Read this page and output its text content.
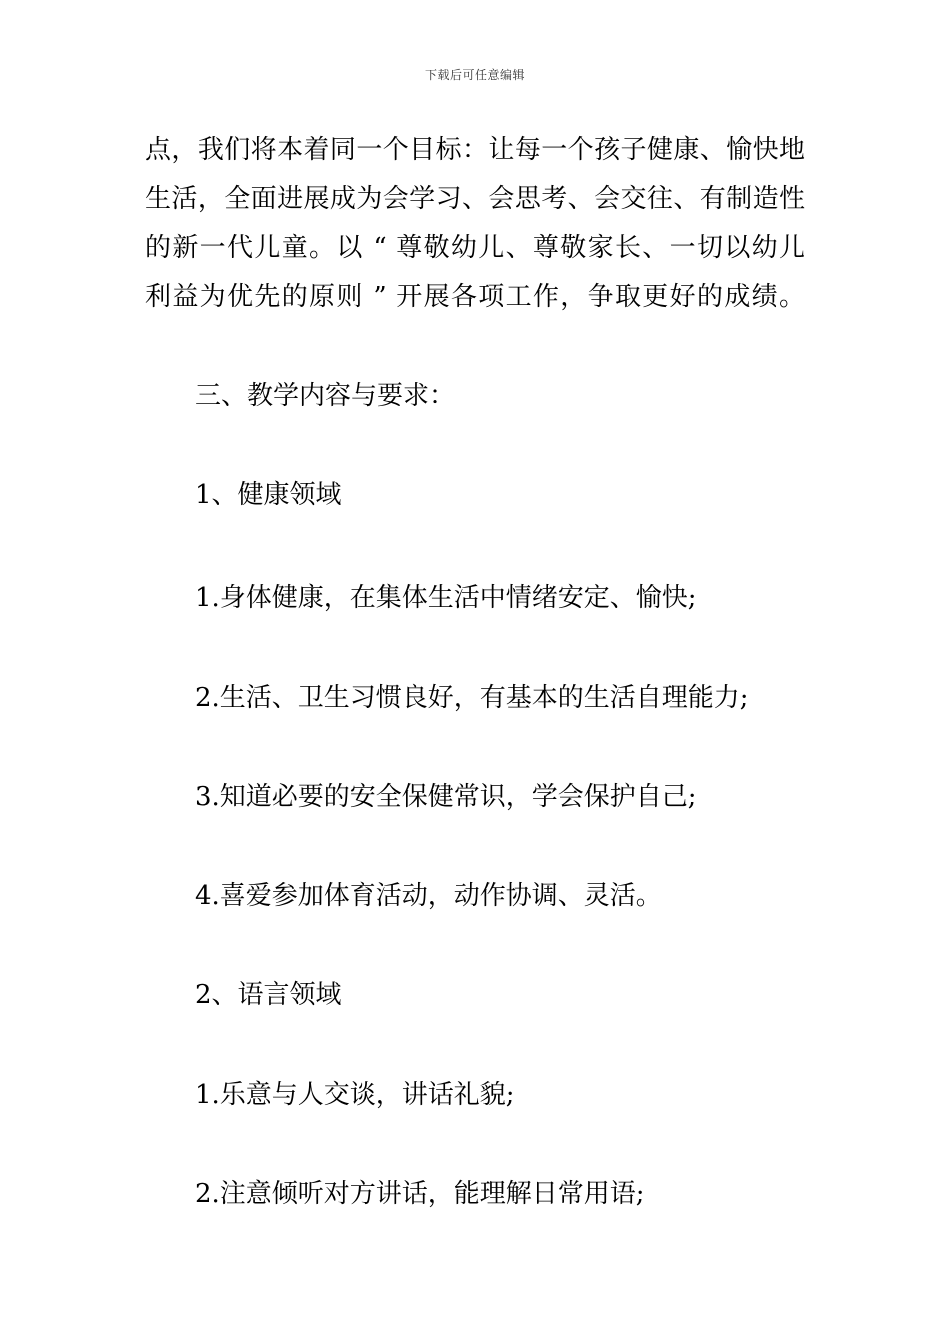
下载后可任意编辑
点，我们将本着同一个目标：让每一个孩子健康、愉快地
生活，全面进展成为会学习、会思考、会交往、有制造性
的新一代儿童。以 “ 尊敬幼儿、尊敬家长、一切以幼儿
利益为优先的原则 ” 开展各项工作，争取更好的成绩。
三、教学内容与要求：
1、健康领域
1.身体健康，在集体生活中情绪安定、愉快;
2.生活、卫生习惯良好，有基本的生活自理能力;
3.知道必要的安全保健常识，学会保护自己;
4.喜爱参加体育活动，动作协调、灵活。
2、语言领域
1.乐意与人交谈，讲话礼貌;
2.注意倾听对方讲话，能理解日常用语;
